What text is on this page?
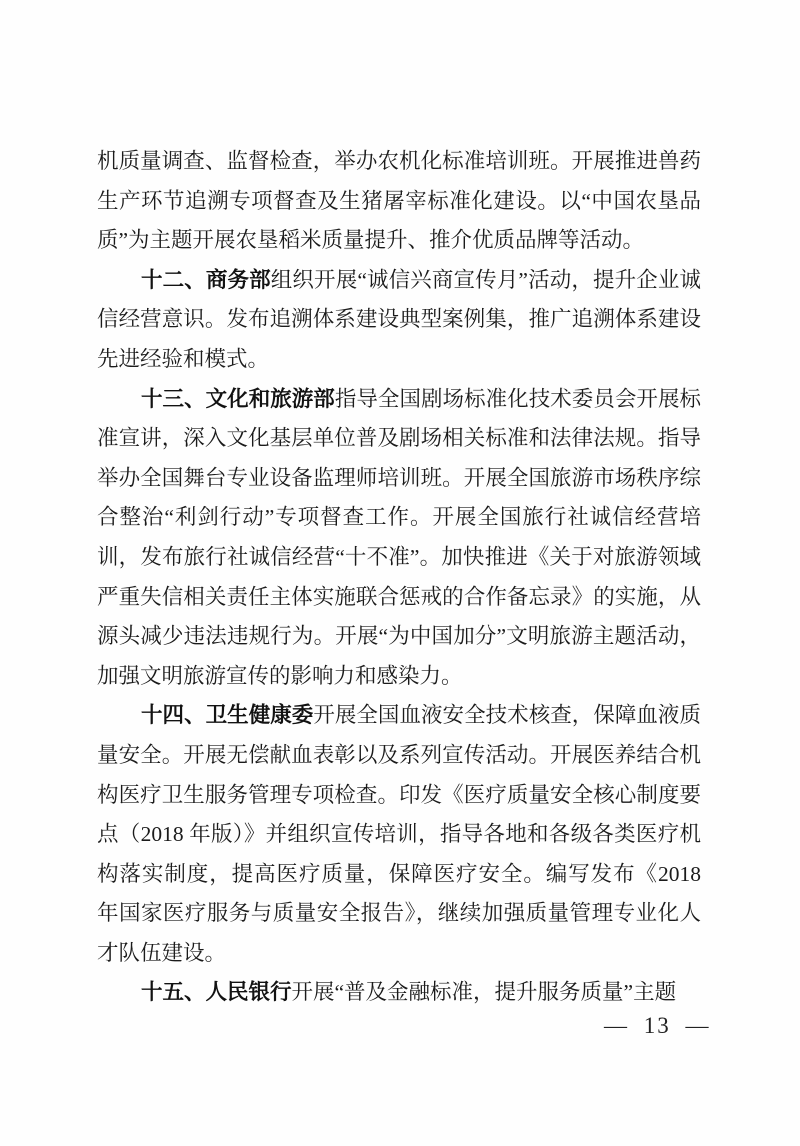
机质量调查、监督检查，举办农机化标准培训班。开展推进兽药生产环节追溯专项督查及生猪屠宰标准化建设。以“中国农垦品质”为主题开展农垦稻米质量提升、推介优质品牌等活动。

十二、商务部组织开展“诚信兴商宣传月”活动，提升企业诚信经营意识。发布追溯体系建设典型案例集，推广追溯体系建设先进经验和模式。

十三、文化和旅游部指导全国剧场标准化技术委员会开展标准宣讲，深入文化基层单位普及剧场相关标准和法律法规。指导举办全国舞台专业设备监理师培训班。开展全国旅游市场秩序综合整治“利剑行动”专项督查工作。开展全国旅行社诚信经营培训，发布旅行社诚信经营“十不准”。加快推进《关于对旅游领域严重失信相关责任主体实施联合惩戒的合作备忘录》的实施，从源头减少违法违规行为。开展“为中国加分”文明旅游主题活动，加强文明旅游宣传的影响力和感染力。

十四、卫生健康委开展全国血液安全技术核查，保障血液质量安全。开展无偿献血表彰以及系列宣传活动。开展医养结合机构医疗卫生服务管理专项检查。印发《医疗质量安全核心制度要点（2018 年版）》并组织宣传培训，指导各地和各级各类医疗机构落实制度，提高医疗质量，保障医疗安全。编写发布《2018 年国家医疗服务与质量安全报告》，继续加强质量管理专业化人才队伍建设。

十五、人民银行开展“普及金融标准，提升服务质量”主题

— 13 —
